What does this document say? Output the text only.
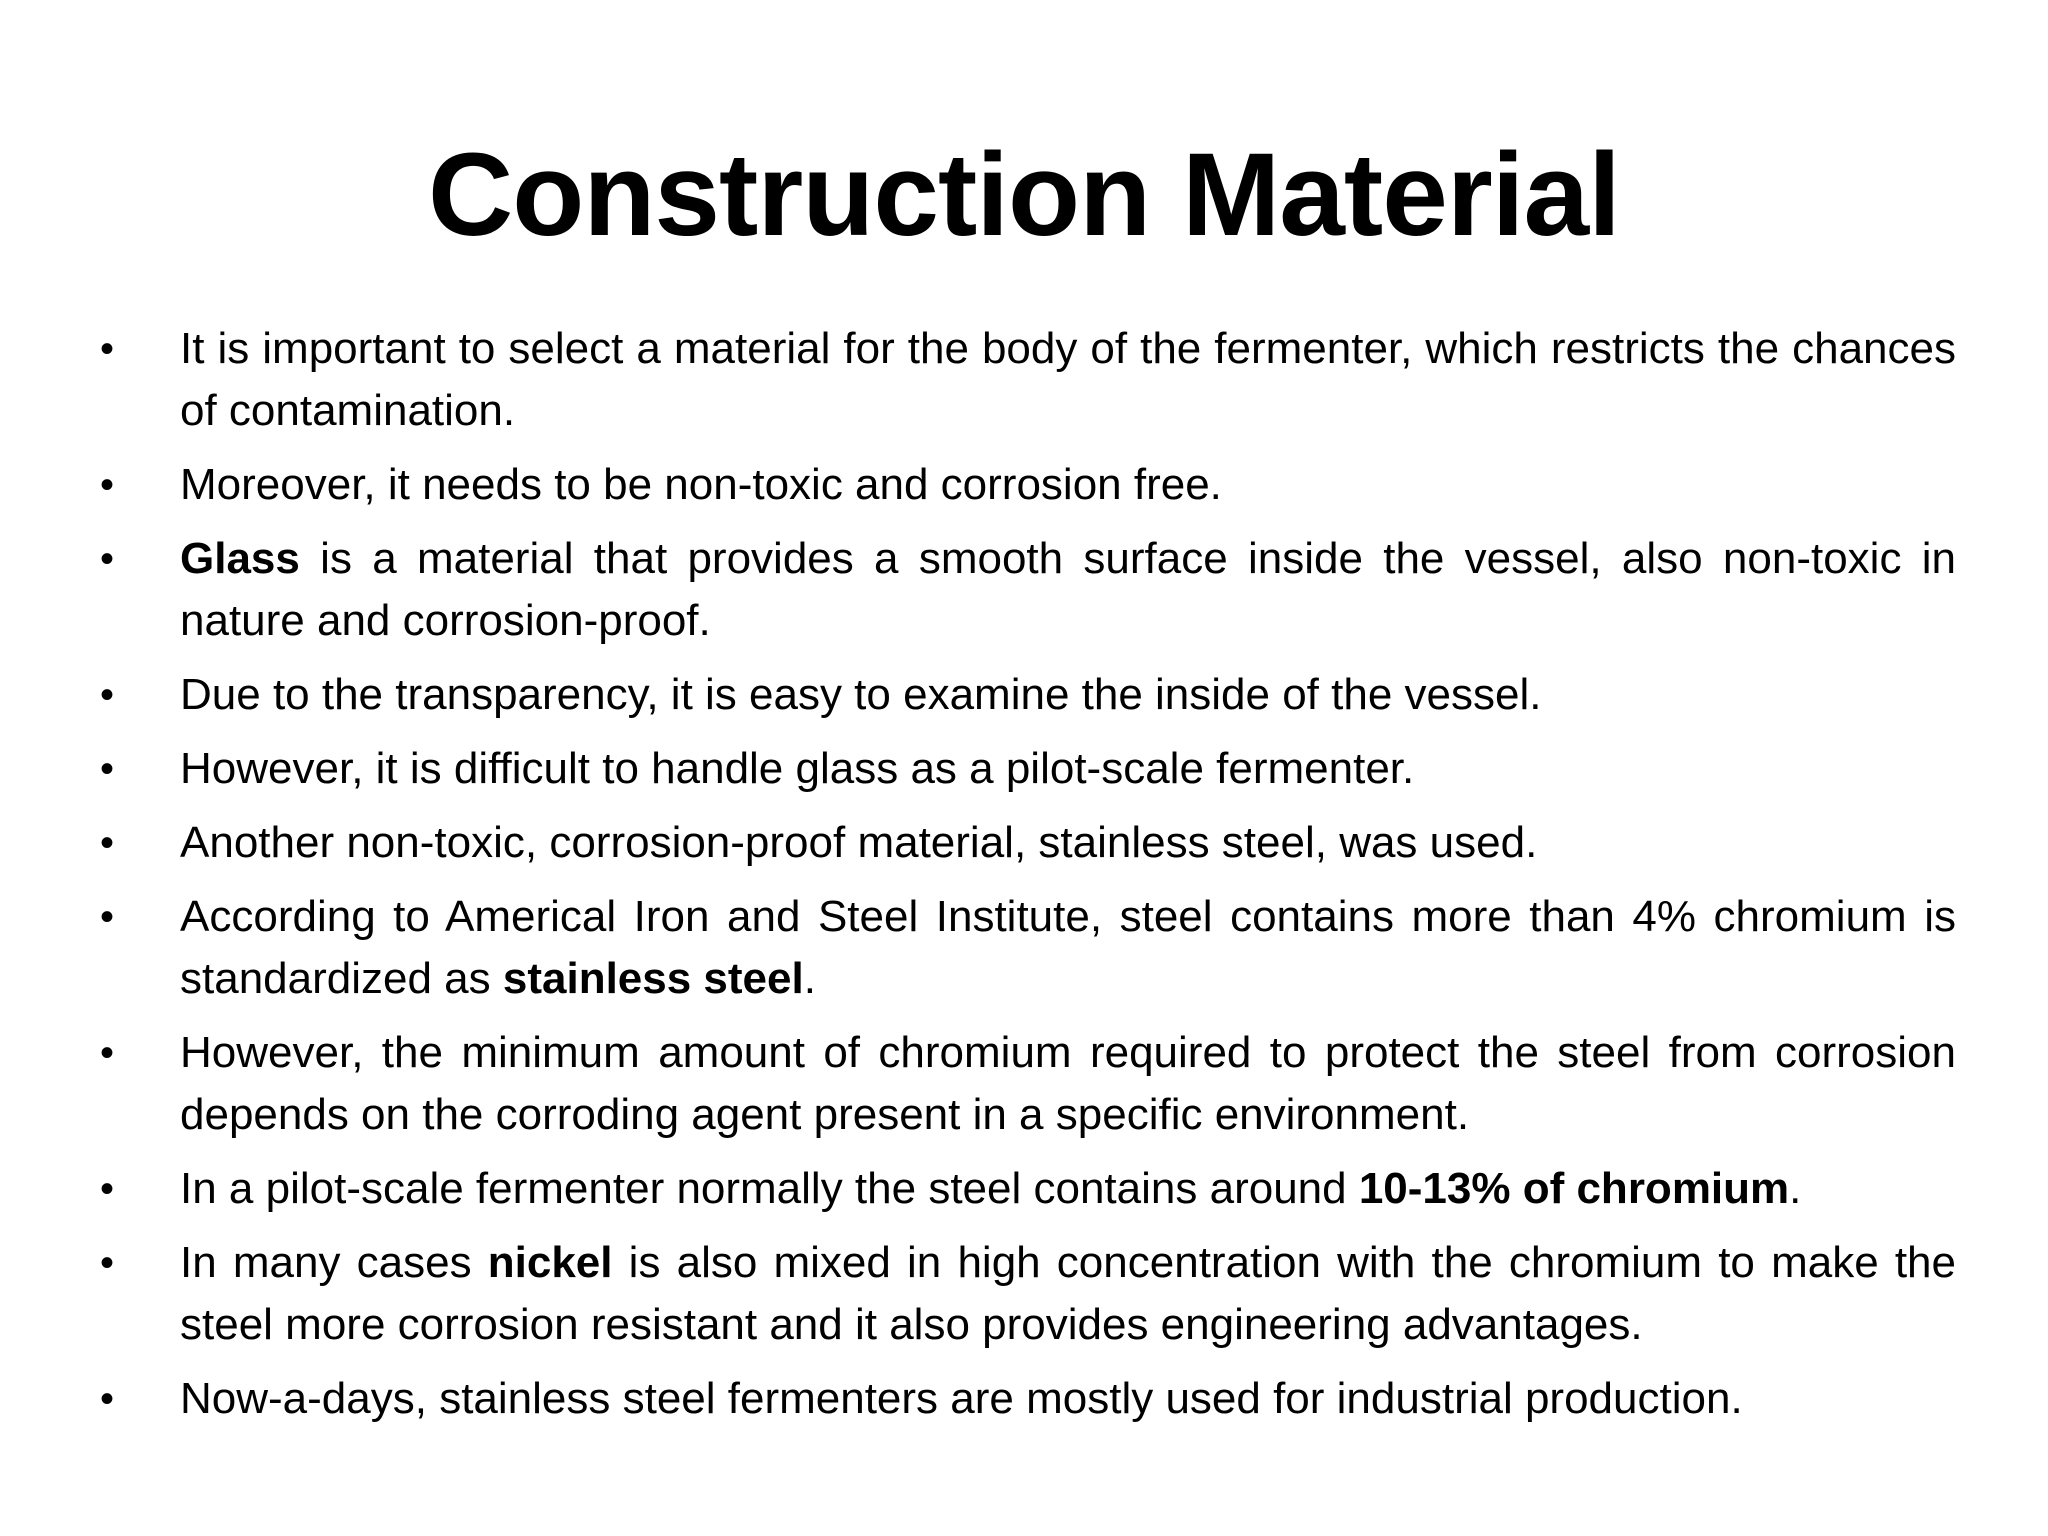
Construction Material
• It is important to select a material for the body of the fermenter, which restricts the chances of contamination.
• Moreover, it needs to be non-toxic and corrosion free.
• Glass is a material that provides a smooth surface inside the vessel, also non-toxic in nature and corrosion-proof.
• Due to the transparency, it is easy to examine the inside of the vessel.
• However, it is difficult to handle glass as a pilot-scale fermenter.
• Another non-toxic, corrosion-proof material, stainless steel, was used.
• According to Americal Iron and Steel Institute, steel contains more than 4% chromium is standardized as stainless steel.
• However, the minimum amount of chromium required to protect the steel from corrosion depends on the corroding agent present in a specific environment.
• In a pilot-scale fermenter normally the steel contains around 10-13% of chromium.
• In many cases nickel is also mixed in high concentration with the chromium to make the steel more corrosion resistant and it also provides engineering advantages.
• Now-a-days, stainless steel fermenters are mostly used for industrial production.
